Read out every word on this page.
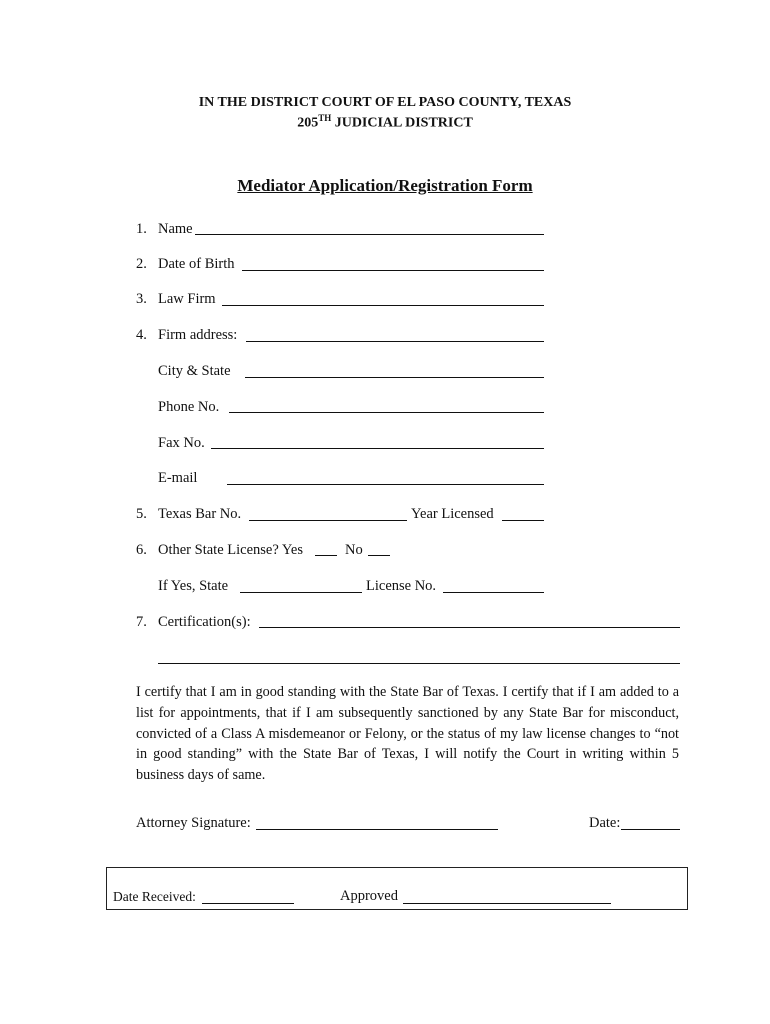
IN THE DISTRICT COURT OF EL PASO COUNTY, TEXAS
205TH JUDICIAL DISTRICT
Mediator Application/Registration Form
1. Name
2. Date of Birth
3. Law Firm
4. Firm address:
City & State
Phone No.
Fax No.
E-mail
5. Texas Bar No.	Year Licensed
6. Other State License? Yes	No
If Yes, State	License No.
7. Certification(s):
I certify that I am in good standing with the State Bar of Texas. I certify that if I am added to a list for appointments, that if I am subsequently sanctioned by any State Bar for misconduct, convicted of a Class A misdemeanor or Felony, or the status of my law license changes to “not in good standing” with the State Bar of Texas, I will notify the Court in writing within 5 business days of same.
Attorney Signature:	Date:
Date Received:	Approved
